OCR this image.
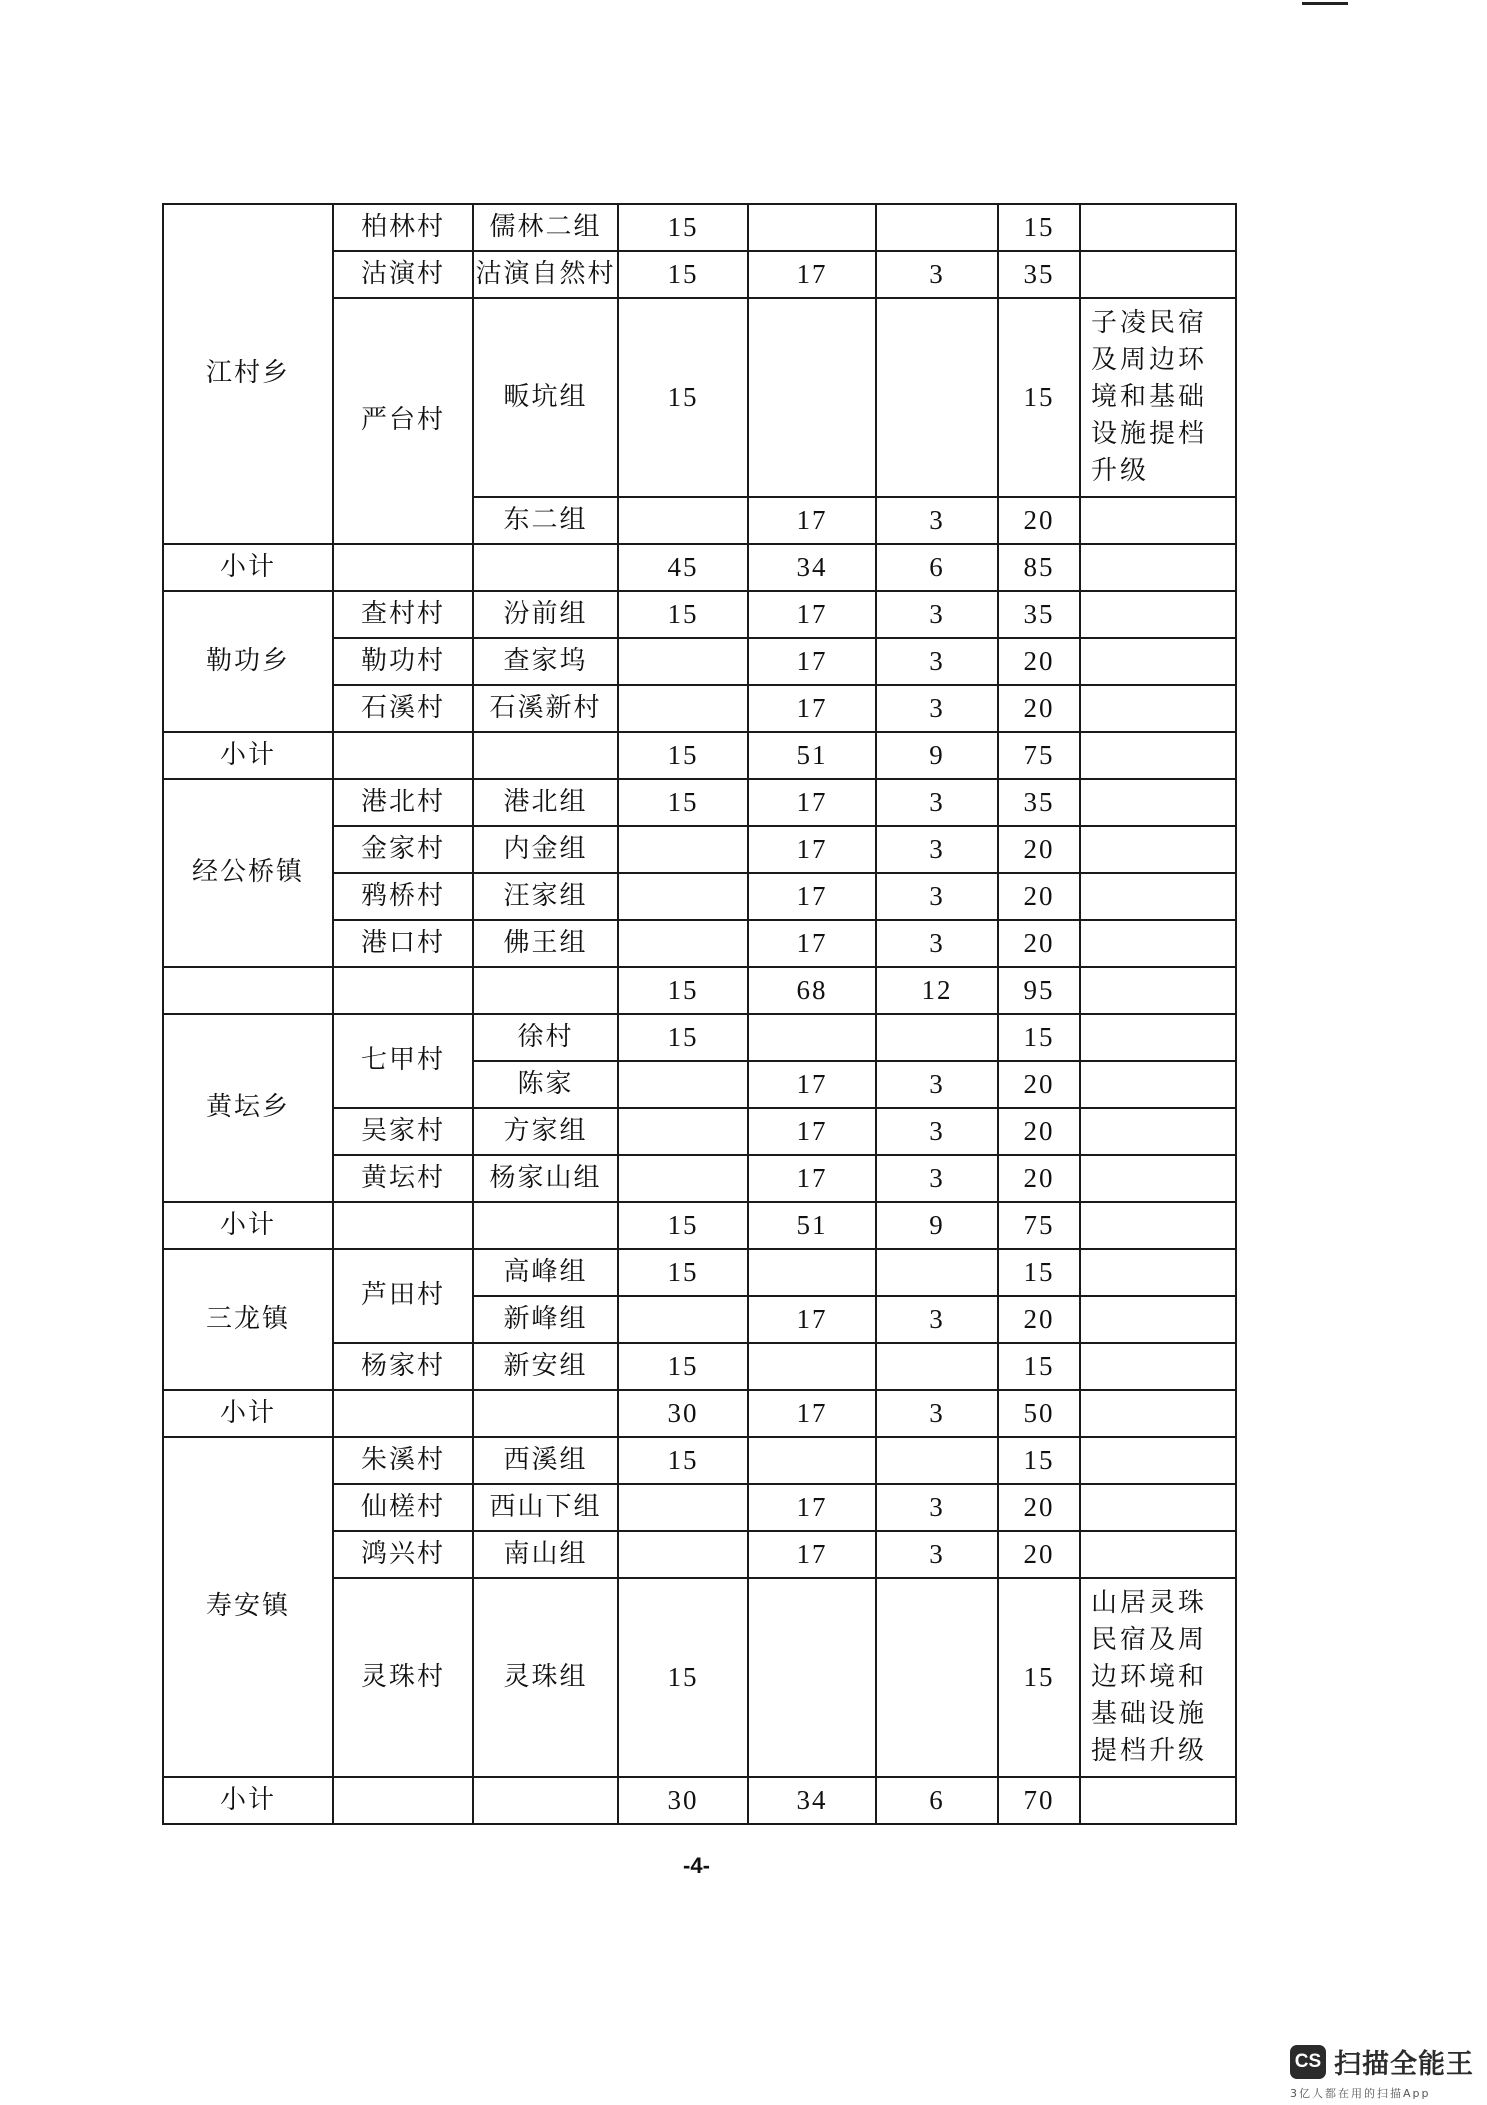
江村乡	柏林村	儒林二组	15			15	
	沽演村	沽演自然村	15	17	3	35	
	严台村	畈坑组	15			15	子凌民宿及周边环境和基础设施提档升级
		东二组		17	3	20	
小计			45	34	6	85	
勒功乡	查村村	汾前组	15	17	3	35	
	勒功村	查家坞		17	3	20	
	石溪村	石溪新村		17	3	20	
小计			15	51	9	75	
经公桥镇	港北村	港北组	15	17	3	35	
	金家村	内金组		17	3	20	
	鸦桥村	汪家组		17	3	20	
	港口村	佛王组		17	3	20	
			15	68	12	95	
黄坛乡	七甲村	徐村	15			15	
		陈家		17	3	20	
	吴家村	方家组		17	3	20	
	黄坛村	杨家山组		17	3	20	
小计			15	51	9	75	
三龙镇	芦田村	高峰组	15			15	
		新峰组		17	3	20	
	杨家村	新安组	15			15	
小计			30	17	3	50	
寿安镇	朱溪村	西溪组	15			15	
	仙槎村	西山下组		17	3	20	
	鸿兴村	南山组		17	3	20	
	灵珠村	灵珠组	15			15	山居灵珠民宿及周边环境和基础设施提档升级
小计			30	34	6	70	
-4-
CS 扫描全能王
3亿人都在用的扫描App
